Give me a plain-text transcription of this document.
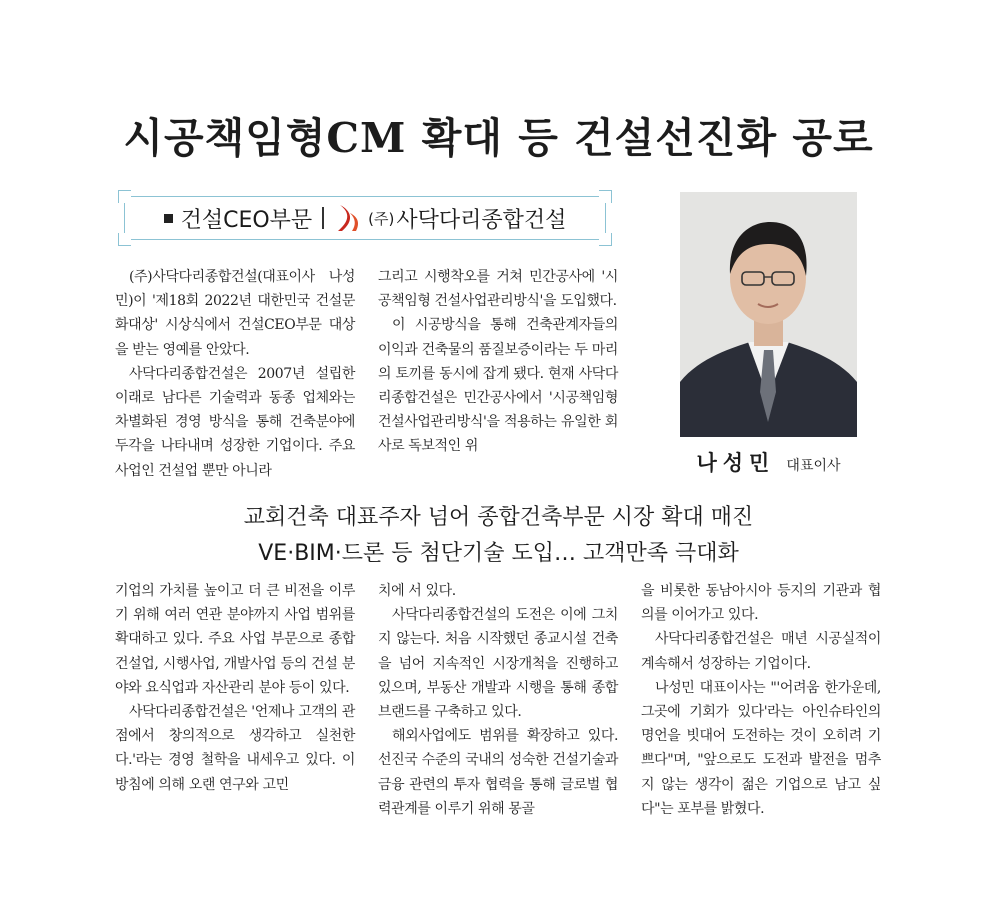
시공책임형CM 확대 등 건설선진화 공로
건설CEO부문	(주) 사닥다리종합건설

(주)사닥다리종합건설(대표이사 나성민)이 '제18회 2022년 대한민국 건설문화대상' 시상식에서 건설CEO부문 대상을 받는 영예를 안았다.

사닥다리종합건설은 2007년 설립한 이래로 남다른 기술력과 동종 업체와는 차별화된 경영 방식을 통해 건축분야에 두각을 나타내며 성장한 기업이다. 주요 사업인 건설업 뿐만 아니라

그리고 시행착오를 거쳐 민간공사에 '시공책임형 건설사업관리방식'을 도입했다.

이 시공방식을 통해 건축관계자들의 이익과 건축물의 품질보증이라는 두 마리의 토끼를 동시에 잡게 됐다. 현재 사닥다리종합건설은 민간공사에서 '시공책임형 건설사업관리방식'을 적용하는 유일한 회사로 독보적인 위

나성민 대표이사

교회건축 대표주자 넘어 종합건축부문 시장 확대 매진

VE·BIM·드론 등 첨단기술 도입… 고객만족 극대화

기업의 가치를 높이고 더 큰 비전을 이루기 위해 여러 연관 분야까지 사업 범위를 확대하고 있다. 주요 사업 부문으로 종합건설업, 시행사업, 개발사업 등의 건설 분야와 요식업과 자산관리 분야 등이 있다.

사닥다리종합건설은 '언제나 고객의 관점에서 창의적으로 생각하고 실천한다.'라는 경영 철학을 내세우고 있다. 이 방침에 의해 오랜 연구와 고민

치에 서 있다.

사닥다리종합건설의 도전은 이에 그치지 않는다. 처음 시작했던 종교시설 건축을 넘어 지속적인 시장개척을 진행하고 있으며, 부동산 개발과 시행을 통해 종합 브랜드를 구축하고 있다.

해외사업에도 범위를 확장하고 있다. 선진국 수준의 국내의 성숙한 건설기술과 금융 관련의 투자 협력을 통해 글로벌 협력관계를 이루기 위해 몽골

을 비롯한 동남아시아 등지의 기관과 협의를 이어가고 있다.

사닥다리종합건설은 매년 시공실적이 계속해서 성장하는 기업이다.

나성민 대표이사는 "'어려움 한가운데, 그곳에 기회가 있다'라는 아인슈타인의 명언을 빗대어 도전하는 것이 오히려 기쁘다"며, "앞으로도 도전과 발전을 멈추지 않는 생각이 젊은 기업으로 남고 싶다"는 포부를 밝혔다.
